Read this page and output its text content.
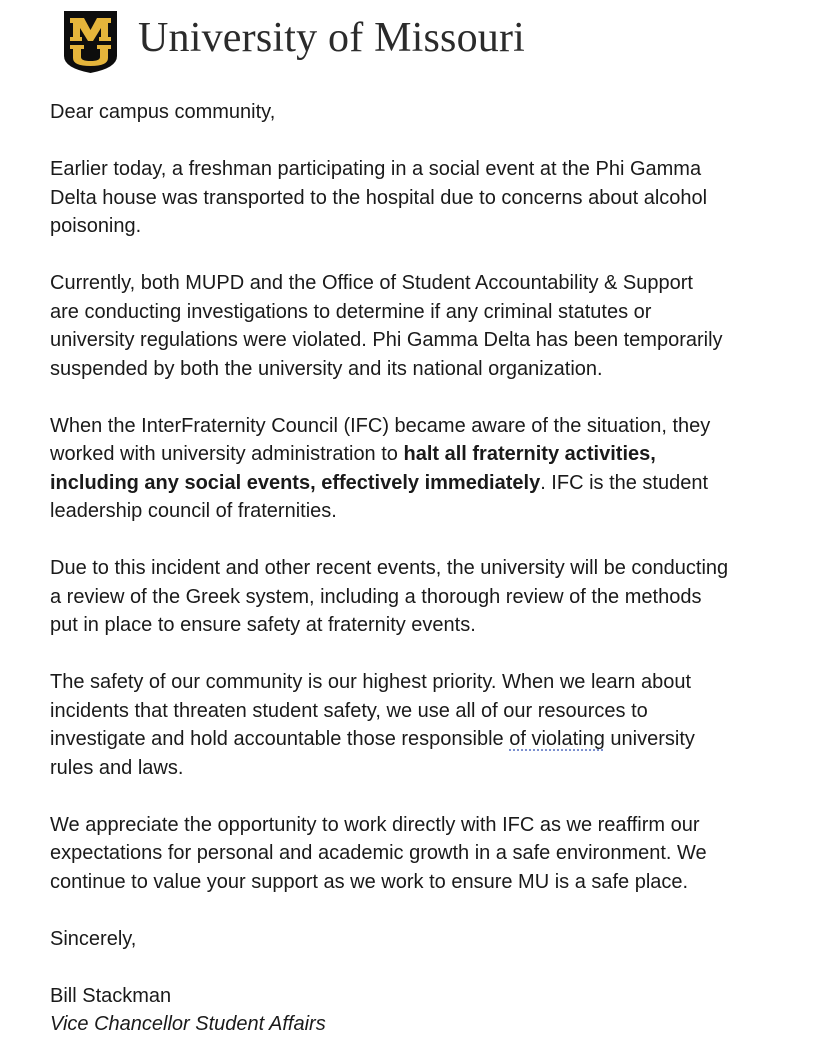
University of Missouri

Dear campus community,

Earlier today, a freshman participating in a social event at the Phi Gamma
Delta house was transported to the hospital due to concerns about alcohol
poisoning.

Currently, both MUPD and the Office of Student Accountability & Support
are conducting investigations to determine if any criminal statutes or
university regulations were violated. Phi Gamma Delta has been temporarily
suspended by both the university and its national organization.

When the InterFraternity Council (IFC) became aware of the situation, they
worked with university administration to halt all fraternity activities,
including any social events, effectively immediately. IFC is the student
leadership council of fraternities.

Due to this incident and other recent events, the university will be conducting
a review of the Greek system, including a thorough review of the methods
put in place to ensure safety at fraternity events.

The safety of our community is our highest priority. When we learn about
incidents that threaten student safety, we use all of our resources to
investigate and hold accountable those responsible of violating university
rules and laws.

We appreciate the opportunity to work directly with IFC as we reaffirm our
expectations for personal and academic growth in a safe environment. We
continue to value your support as we work to ensure MU is a safe place.

Sincerely,

Bill Stackman
Vice Chancellor Student Affairs
